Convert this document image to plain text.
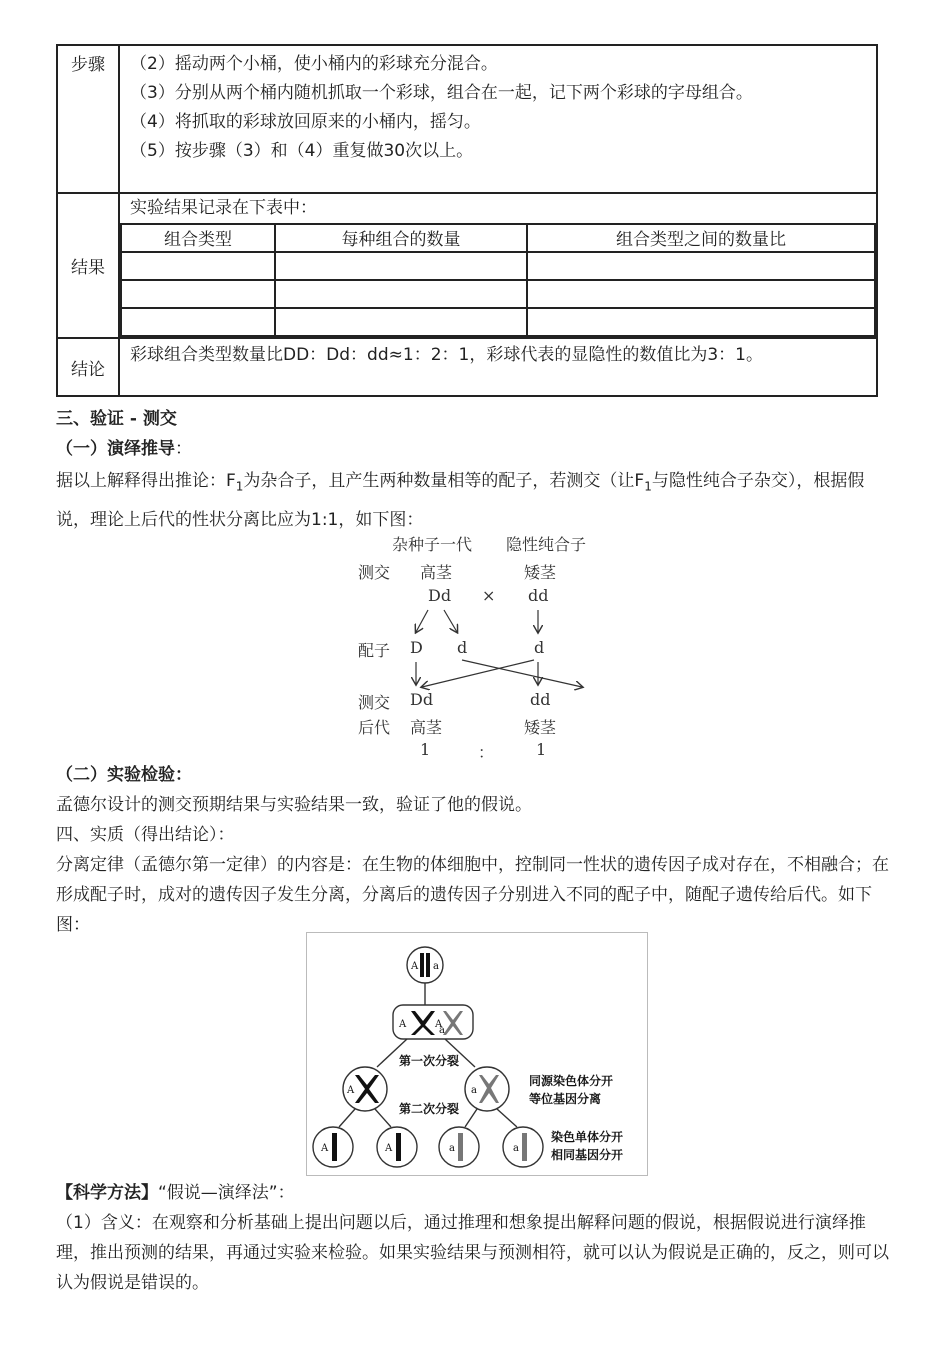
步骤	（2）摇动两个小桶，使小桶内的彩球充分混合。

（3）分别从两个桶内随机抓取一个彩球，组合在一起，记下两个彩球的字母组合。

（4）将抓取的彩球放回原来的小桶内，摇匀。

（5）按步骤（3）和（4）重复做30次以上。

结果	
实验结果记录在下表中：
组合类型	每种组合的数量	组合类型之间的数量比

结论	彩球组合类型数量比DD：Dd：dd≈1：2：1，彩球代表的显隐性的数值比为3：1。

三、验证 - 测交

（一）演绎推导：

据以上解释得出推论：$F_1$为杂合子，且产生两种数量相等的配子，若测交（让$F_1$与隐性纯合子杂交），根据假说，理论上后代的性状分离比应为1:1，如下图：

杂种子一代 隐性纯合子
测交 高茎	矮茎
Dd × dd
配子 D d	d
测交 Dd	dd
后代 高茎	矮茎
1	：	1

（二）实验检验：

孟德尔设计的测交预期结果与实验结果一致，验证了他的假说。

四、实质（得出结论）：

分离定律（孟德尔第一定律）的内容是：在生物的体细胞中，控制同一性状的遗传因子成对存在，不相融合；在形成配子时，成对的遗传因子发生分离，分离后的遗传因子分别进入不同的配子中，随配子遗传给后代。如下图：

A a
A	A
a
A	a
A	A	a	a
第一次分裂
第二次分裂
同源染色体分开
等位基因分离
染色单体分开
相同基因分开

【科学方法】“假说—演绎法”：

（1）含义：在观察和分析基础上提出问题以后，通过推理和想象提出解释问题的假说，根据假说进行演绎推理，推出预测的结果，再通过实验来检验。如果实验结果与预测相符，就可以认为假说是正确的，反之，则可以认为假说是错误的。
